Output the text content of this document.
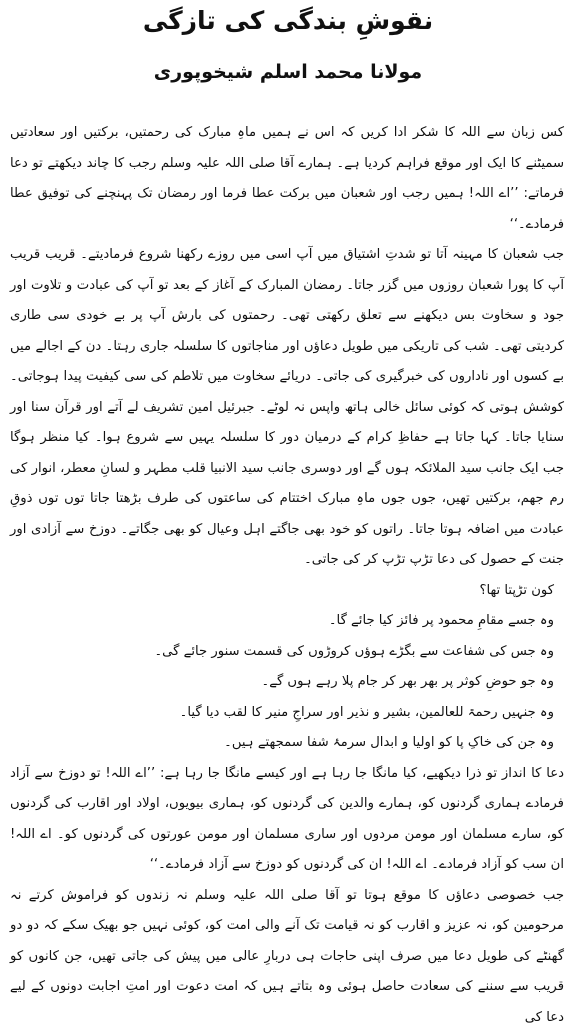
نقوشِ بندگی کی تازگی
مولانا محمد اسلم شیخوپوری

کس زبان سے اللہ کا شکر ادا کریں کہ اس نے ہمیں ماہِ مبارک کی رحمتیں، برکتیں اور سعادتیں سمیٹنے کا ایک اور موقع فراہم کردیا ہے۔ ہمارے آقا صلی اللہ علیہ وسلم رجب کا چاند دیکھتے تو دعا فرماتے: ’’اے اللہ! ہمیں رجب اور شعبان میں برکت عطا فرما اور رمضان تک پہنچنے کی توفیق عطا فرمادے۔‘‘

جب شعبان کا مہینہ آتا تو شدتِ اشتیاق میں آپ اسی میں روزے رکھنا شروع فرمادیتے۔ قریب قریب آپ کا پورا شعبان روزوں میں گزر جاتا۔ رمضان المبارک کے آغاز کے بعد تو آپ کی عبادت و تلاوت اور جود و سخاوت بس دیکھنے سے تعلق رکھتی تھی۔ رحمتوں کی بارش آپ پر بے خودی سی طاری کردیتی تھی۔ شب کی تاریکی میں طویل دعاؤں اور مناجاتوں کا سلسلہ جاری رہتا۔ دن کے اجالے میں بے کسوں اور ناداروں کی خبرگیری کی جاتی۔ دریائے سخاوت میں تلاطم کی سی کیفیت پیدا ہوجاتی۔ کوشش ہوتی کہ کوئی سائل خالی ہاتھ واپس نہ لوٹے۔ جبرئیل امین تشریف لے آتے اور قرآن سنا اور سنایا جاتا۔ کہا جاتا ہے حفاظِ کرام کے درمیان دور کا سلسلہ یہیں سے شروع ہوا۔ کیا منظر ہوگا جب ایک جانب سید الملائکہ ہوں گے اور دوسری جانب سید الانبیا قلب مطہر و لسانِ معطر، انوار کی رم جھم، برکتیں تھیں، جوں جوں ماہِ مبارک اختتام کی ساعتوں کی طرف بڑھتا جاتا توں توں ذوقِ عبادت میں اضافہ ہوتا جاتا۔ راتوں کو خود بھی جاگتے اہل وعیال کو بھی جگاتے۔ دوزخ سے آزادی اور جنت کے حصول کی دعا تڑپ تڑپ کر کی جاتی۔

کون تڑپتا تھا؟

وہ جسے مقامِ محمود پر فائز کیا جائے گا۔
وہ جس کی شفاعت سے بگڑے ہوؤں کروڑوں کی قسمت سنور جائے گی۔
وہ جو حوضِ کوثر پر بھر بھر کر جام پلا رہے ہوں گے۔
وہ جنہیں رحمۃ للعالمین، بشیر و نذیر اور سراجِ منیر کا لقب دیا گیا۔
وہ جن کی خاکِ پا کو اولیا و ابدال سرمۂ شفا سمجھتے ہیں۔

دعا کا انداز تو ذرا دیکھیے، کیا مانگا جا رہا ہے اور کیسے مانگا جا رہا ہے: ’’اے اللہ! تو دوزخ سے آزاد فرمادے ہماری گردنوں کو، ہمارے والدین کی گردنوں کو، ہماری بیویوں، اولاد اور اقارب کی گردنوں کو، سارے مسلمان اور مومن مردوں اور ساری مسلمان اور مومن عورتوں کی گردنوں کو۔ اے اللہ! ان سب کو آزاد فرمادے۔ اے اللہ! ان کی گردنوں کو دوزخ سے آزاد فرمادے۔‘‘

جب خصوصی دعاؤں کا موقع ہوتا تو آقا صلی اللہ علیہ وسلم نہ زندوں کو فراموش کرتے نہ مرحومین کو، نہ عزیز و اقارب کو نہ قیامت تک آنے والی امت کو، کوئی نہیں جو بھیک سکے کہ دو دو گھنٹے کی طویل دعا میں صرف اپنی حاجات ہی دربارِ عالی میں پیش کی جاتی تھیں، جن کانوں کو قریب سے سننے کی سعادت حاصل ہوئی وہ بتاتے ہیں کہ امت دعوت اور امتِ اجابت دونوں کے لیے دعا کی
